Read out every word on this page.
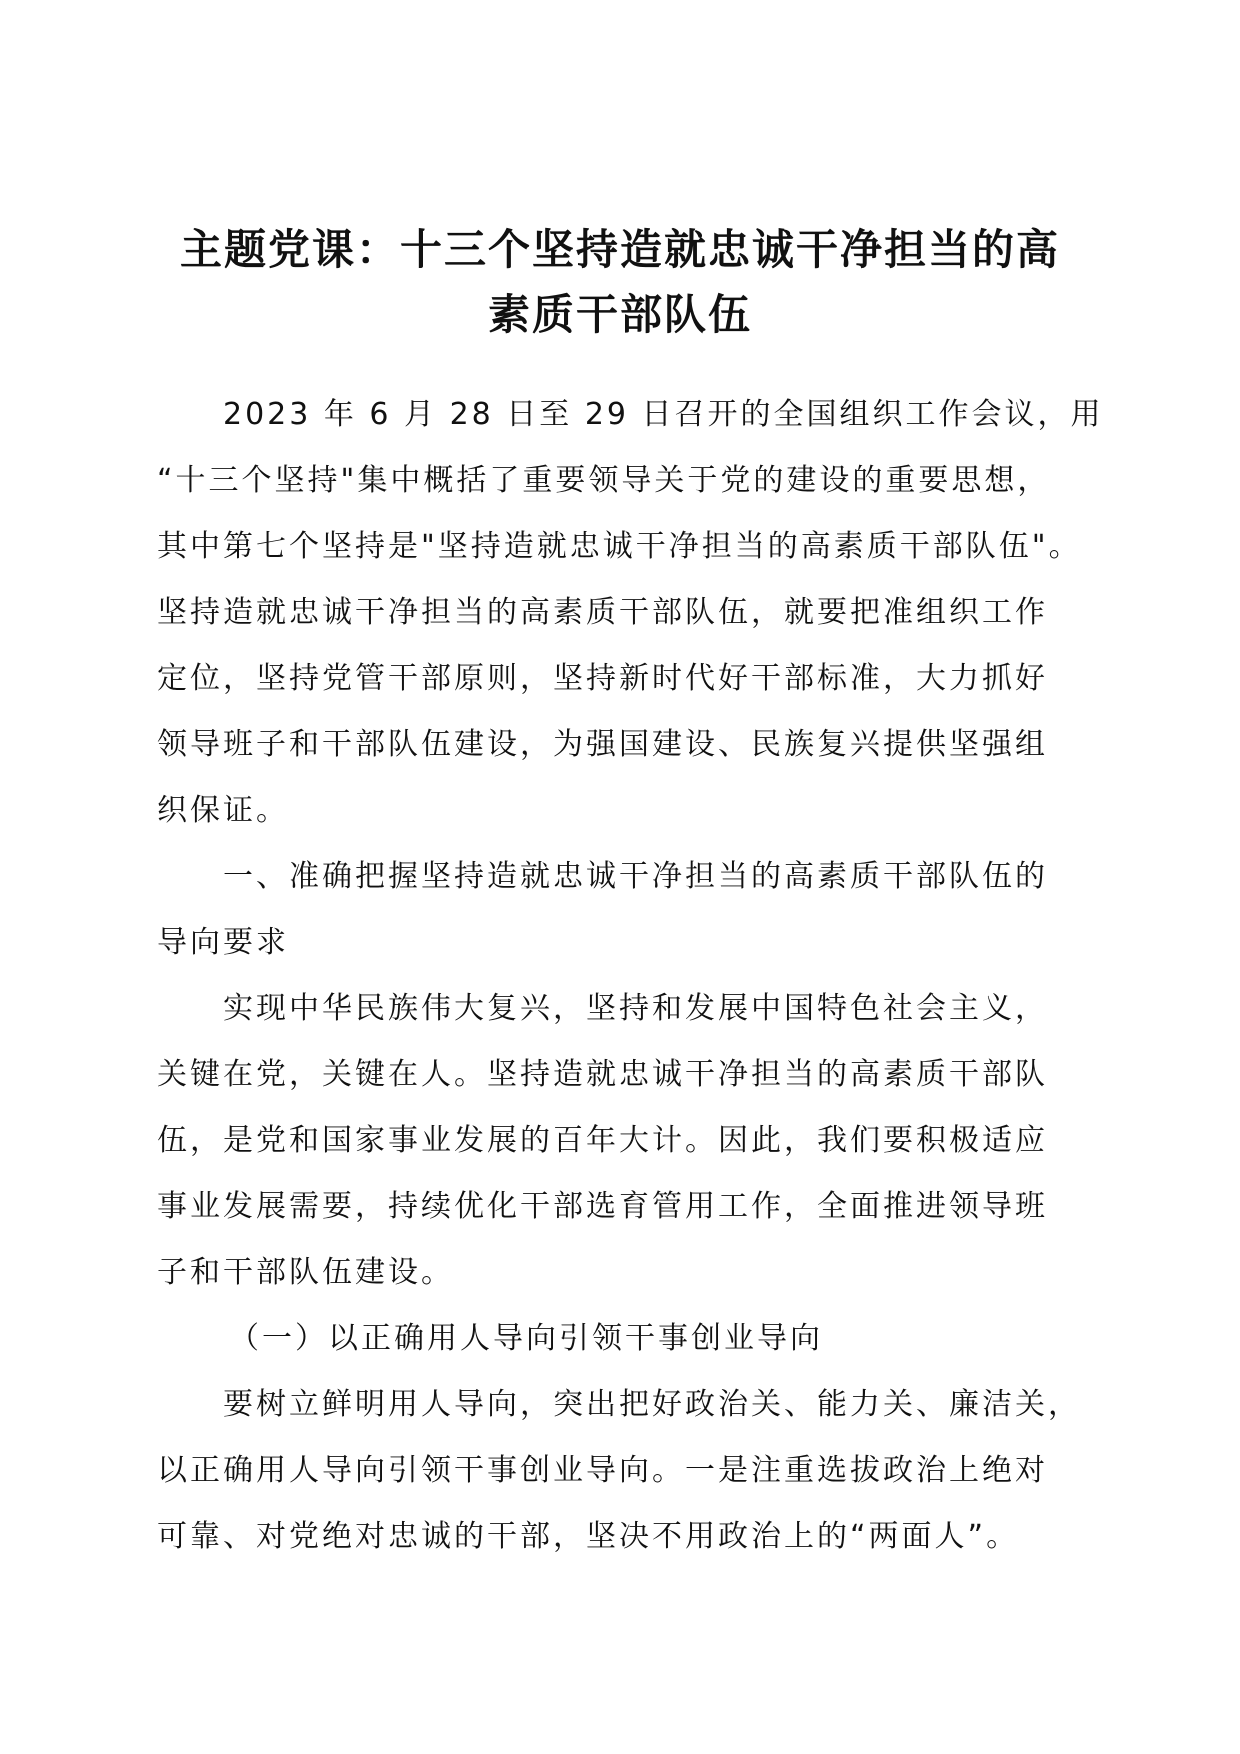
主题党课：十三个坚持造就忠诚干净担当的高
素质干部队伍
2023 年 6 月 28 日至 29 日召开的全国组织工作会议，用
“十三个坚持"集中概括了重要领导关于党的建设的重要思想，
其中第七个坚持是"坚持造就忠诚干净担当的高素质干部队伍"。
坚持造就忠诚干净担当的高素质干部队伍，就要把准组织工作
定位，坚持党管干部原则，坚持新时代好干部标准，大力抓好
领导班子和干部队伍建设，为强国建设、民族复兴提供坚强组
织保证。
一、准确把握坚持造就忠诚干净担当的高素质干部队伍的
导向要求
实现中华民族伟大复兴，坚持和发展中国特色社会主义，
关键在党，关键在人。坚持造就忠诚干净担当的高素质干部队
伍，是党和国家事业发展的百年大计。因此，我们要积极适应
事业发展需要，持续优化干部选育管用工作，全面推进领导班
子和干部队伍建设。
（一）以正确用人导向引领干事创业导向
要树立鲜明用人导向，突出把好政治关、能力关、廉洁关，
以正确用人导向引领干事创业导向。一是注重选拔政治上绝对
可靠、对党绝对忠诚的干部，坚决不用政治上的“两面人”。
